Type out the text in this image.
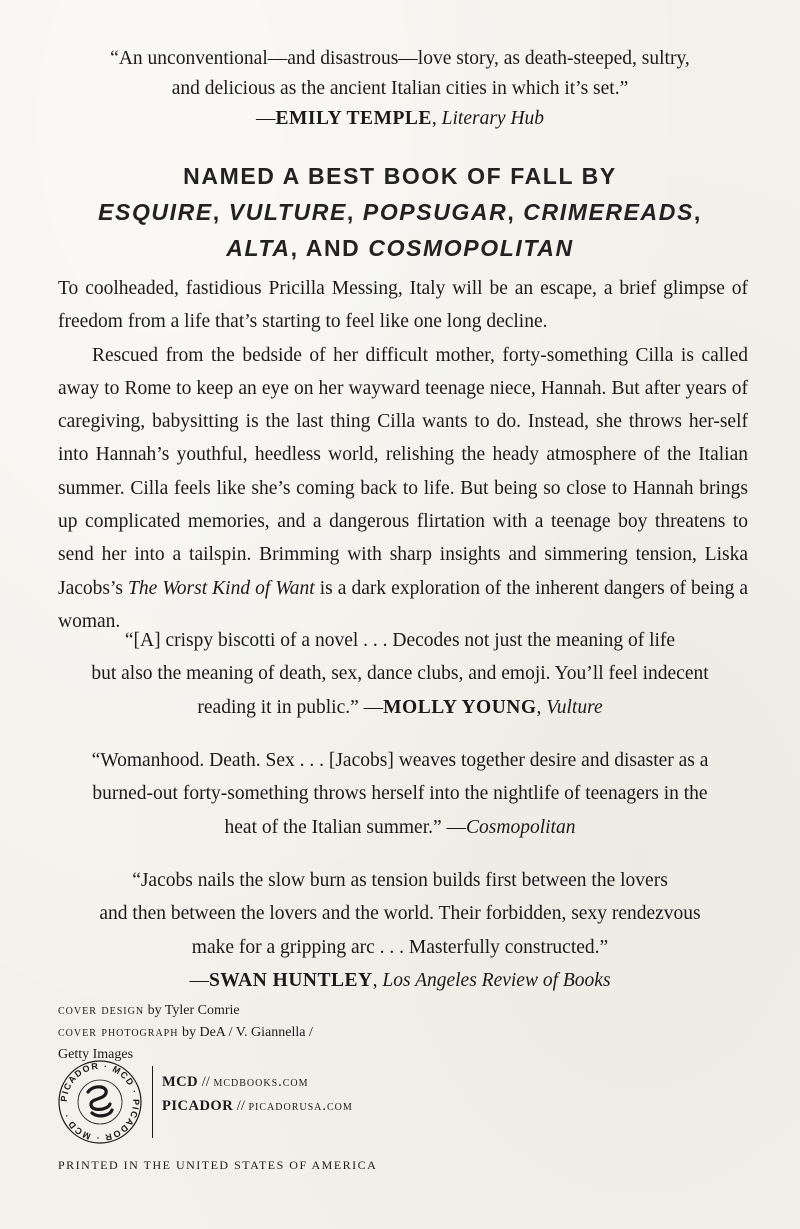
“An unconventional—and disastrous—love story, as death-steeped, sultry,
and delicious as the ancient Italian cities in which it’s set.”
—EMILY TEMPLE, Literary Hub
NAMED A BEST BOOK OF FALL BY
ESQUIRE, VULTURE, POPSUGAR, CRIMEREADS,
ALTA, AND COSMOPOLITAN

To coolheaded, fastidious Pricilla Messing, Italy will be an escape, a brief glimpse of freedom from a life that’s starting to feel like one long decline.

Rescued from the bedside of her difficult mother, forty-something Cilla is called away to Rome to keep an eye on her wayward teenage niece, Hannah. But after years of caregiving, babysitting is the last thing Cilla wants to do. Instead, she throws her-self into Hannah’s youthful, heedless world, relishing the heady atmosphere of the Italian summer. Cilla feels like she’s coming back to life. But being so close to Hannah brings up complicated memories, and a dangerous flirtation with a teenage boy threatens to send her into a tailspin. Brimming with sharp insights and simmering tension, Liska Jacobs’s The Worst Kind of Want is a dark exploration of the inherent dangers of being a woman.

“[A] crispy biscotti of a novel . . . Decodes not just the meaning of life
but also the meaning of death, sex, dance clubs, and emoji. You’ll feel indecent
reading it in public.” —MOLLY YOUNG, Vulture
“Womanhood. Death. Sex . . . [Jacobs] weaves together desire and disaster as a
burned-out forty-something throws herself into the nightlife of teenagers in the
heat of the Italian summer.” —Cosmopolitan
“Jacobs nails the slow burn as tension builds first between the lovers
and then between the lovers and the world. Their forbidden, sexy rendezvous
make for a gripping arc . . . Masterfully constructed.”
—SWAN HUNTLEY, Los Angeles Review of Books
cover design by Tyler Comrie
cover photograph by DeA / V. Giannella /
Getty Images
PICADOR · MCD · PICADOR · MCD ·
MCD // mcdbooks.com
PICADOR // picadorusa.com
PRINTED IN THE UNITED STATES OF AMERICA
